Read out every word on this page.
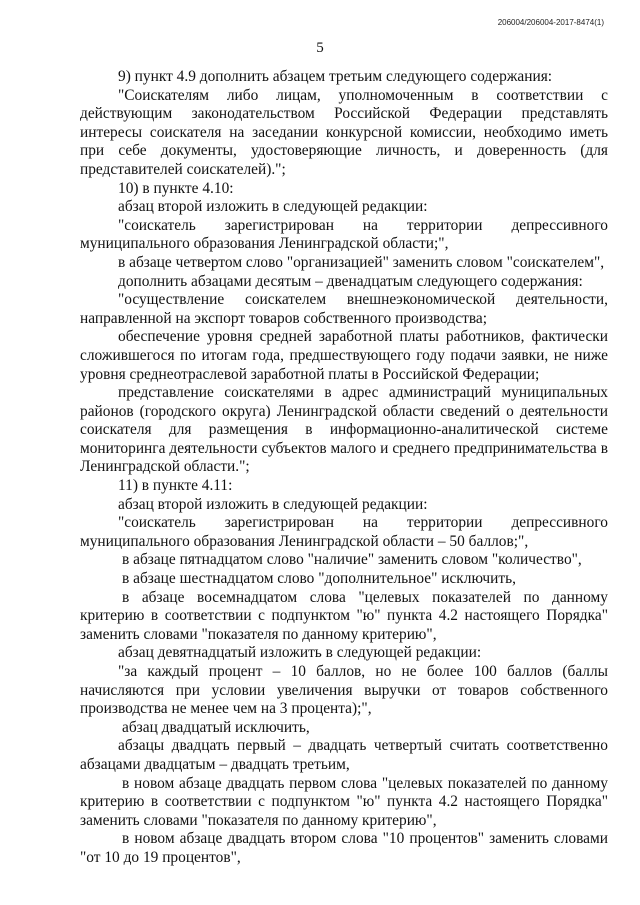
206004/206004-2017-8474(1)
5

9) пункт 4.9 дополнить абзацем третьим следующего содержания:

"Соискателям либо лицам, уполномоченным в соответствии с действующим законодательством Российской Федерации представлять интересы соискателя на заседании конкурсной комиссии, необходимо иметь при себе документы, удостоверяющие личность, и доверенность (для представителей соискателей).";

10) в пункте 4.10:

абзац второй изложить в следующей редакции:

"соискатель зарегистрирован на территории депрессивного муниципального образования Ленинградской области;",

в абзаце четвертом слово "организацией" заменить словом "соискателем",

дополнить абзацами десятым – двенадцатым следующего содержания:

"осуществление соискателем внешнеэкономической деятельности, направленной на экспорт товаров собственного производства;

обеспечение уровня средней заработной платы работников, фактически сложившегося по итогам года, предшествующего году подачи заявки, не ниже уровня среднеотраслевой заработной платы в Российской Федерации;

представление соискателями в адрес администраций муниципальных районов (городского округа) Ленинградской области сведений о деятельности соискателя для размещения в информационно-аналитической системе мониторинга деятельности субъектов малого и среднего предпринимательства в Ленинградской области.";

11) в пункте 4.11:

абзац второй изложить в следующей редакции:

"соискатель зарегистрирован на территории депрессивного муниципального образования Ленинградской области – 50 баллов;",

в абзаце пятнадцатом слово "наличие" заменить словом "количество",

в абзаце шестнадцатом слово "дополнительное" исключить,

в абзаце восемнадцатом слова "целевых показателей по данному критерию в соответствии с подпунктом "ю" пункта 4.2 настоящего Порядка" заменить словами "показателя по данному критерию",

абзац девятнадцатый изложить в следующей редакции:

"за каждый процент – 10 баллов, но не более 100 баллов (баллы начисляются при условии увеличения выручки от товаров собственного производства не менее чем на 3 процента);",

абзац двадцатый исключить,

абзацы двадцать первый – двадцать четвертый считать соответственно абзацами двадцатым – двадцать третьим,

в новом абзаце двадцать первом слова "целевых показателей по данному критерию в соответствии с подпунктом "ю" пункта 4.2 настоящего Порядка" заменить словами "показателя по данному критерию",

в новом абзаце двадцать втором слова "10 процентов" заменить словами "от 10 до 19 процентов",
